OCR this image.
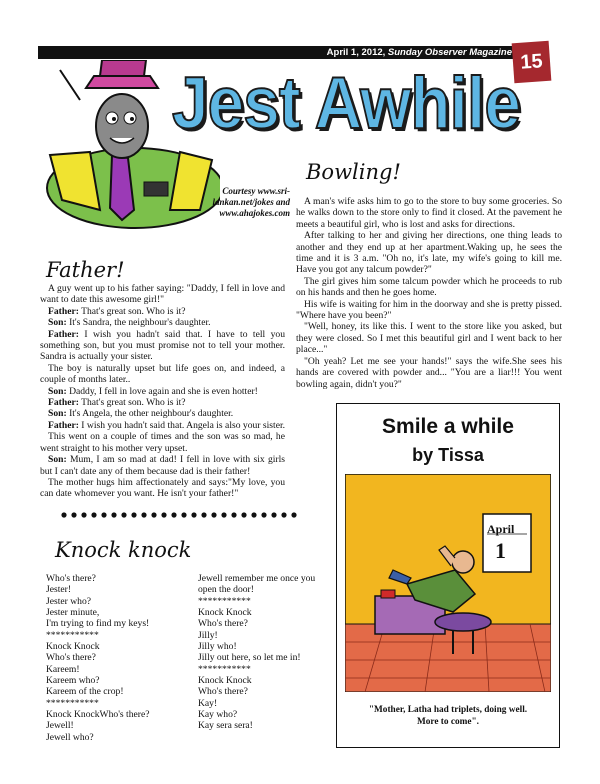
April 1, 2012, Sunday Observer Magazine 15
Jest Awhile
Courtesy www.sri-
lankan.net/jokes and
www.ahajokes.com
Bowling!

A man's wife asks him to go to the store to buy some groceries. So he walks down to the store only to find it closed. At the pavement he meets a beautiful girl, who is lost and asks for directions.

After talking to her and giving her directions, one thing leads to another and they end up at her apartment.Waking up, he sees the time and it is 3 a.m. "Oh no, it's late, my wife's going to kill me. Have you got any talcum powder?"

The girl gives him some talcum powder which he proceeds to rub on his hands and then he goes home.

His wife is waiting for him in the doorway and she is pretty pissed. "Where have you been?"

"Well, honey, its like this. I went to the store like you asked, but they were closed. So I met this beautiful girl and I went back to her place..."

"Oh yeah? Let me see your hands!" says the wife.She sees his hands are covered with powder and... "You are a liar!!! You went bowling again, didn't you?"

Father!

A guy went up to his father saying: "Daddy, I fell in love and want to date this awesome girl!"

Father: That's great son. Who is it?

Son: It's Sandra, the neighbour's daughter.

Father: I wish you hadn't said that. I have to tell you something son, but you must promise not to tell your mother. Sandra is actually your sister.

The boy is naturally upset but life goes on, and indeed, a couple of months later..

Son: Daddy, I fell in love again and she is even hotter!

Father: That's great son. Who is it?

Son: It's Angela, the other neighbour's daughter.

Father: I wish you hadn't said that. Angela is also your sister.

This went on a couple of times and the son was so mad, he went straight to his mother very upset.

Son: Mum, I am so mad at dad! I fell in love with six girls but I can't date any of them because dad is their father!

The mother hugs him affectionately and says:"My love, you can date whomever you want. He isn't your father!"

Knock knock
Who's there?
Jester!
Jester who?
Jester minute,
I'm trying to find my keys!
***********
Knock Knock
Who's there?
Kareem!
Kareem who?
Kareem of the crop!
***********
Knock KnockWho's there?
Jewell!
Jewell who?
Jewell remember me once you
open the door!
***********
Knock Knock
Who's there?
Jilly!
Jilly who!
Jilly out here, so let me in!
***********
Knock Knock
Who's there?
Kay!
Kay who?
Kay sera sera!
Smile a while
by Tissa
April
1
"Mother, Latha had triplets, doing well.
More to come".
